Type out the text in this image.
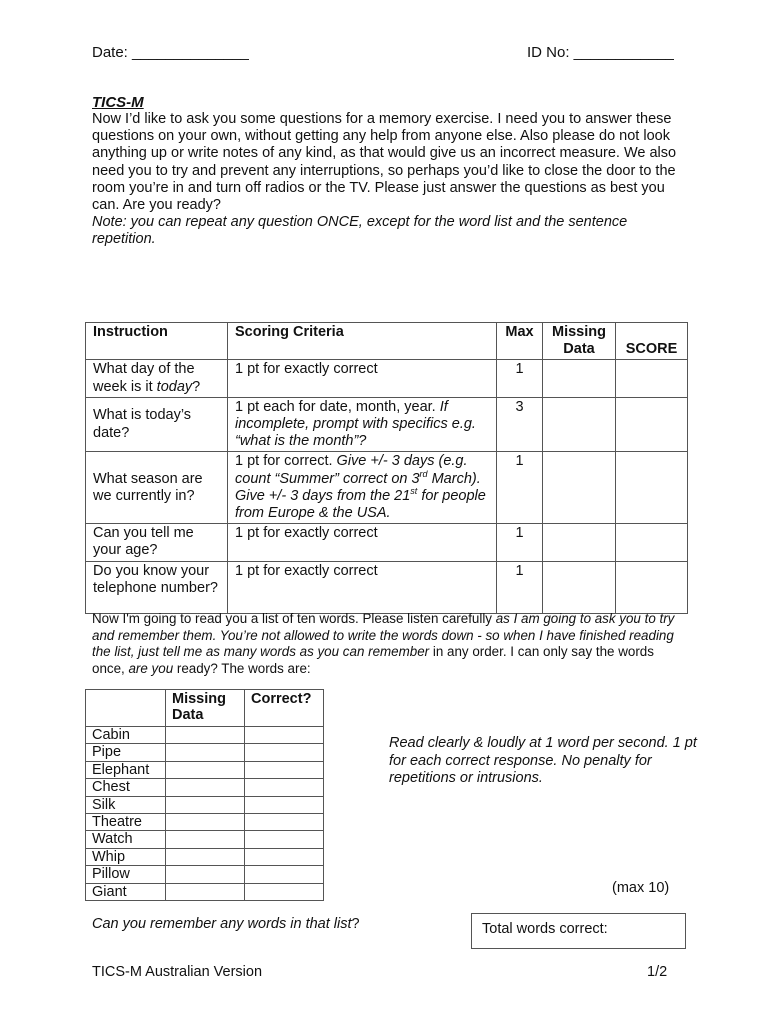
Date: ______________	ID No: ____________
TICS-M

Now I’d like to ask you some questions for a memory exercise. I need you to answer these questions on your own, without getting any help from anyone else. Also please do not look anything up or write notes of any kind, as that would give us an incorrect measure. We also need you to try and prevent any interruptions, so perhaps you’d like to close the door to the room you’re in and turn off radios or the TV. Please just answer the questions as best you can. Are you ready?

Note: you can repeat any question ONCE, except for the word list and the sentence repetition.

Instruction	Scoring Criteria	Max	Missing Data	SCORE
What day of the week is it today?	1 pt for exactly correct	1		
What is today’s date?	1 pt each for date, month, year. If incomplete, prompt with specifics e.g. “what is the month”?	3		
What season are we currently in?	1 pt for correct. Give +/- 3 days (e.g. count “Summer” correct on 3rd March). Give +/- 3 days from the 21st for people from Europe & the USA.	1		
Can you tell me your age?	1 pt for exactly correct	1		
Do you know your telephone number?	1 pt for exactly correct	1		
Now I'm going to read you a list of ten words. Please listen carefully as I am going to ask you to try and remember them. You’re not allowed to write the words down - so when I have finished reading the list, just tell me as many words as you can remember in any order. I can only say the words once, are you ready? The words are:
	Missing Data	Correct?
Cabin		
Pipe		
Elephant		
Chest		
Silk		
Theatre		
Watch		
Whip		
Pillow		
Giant		
Read clearly & loudly at 1 word per second. 1 pt for each correct response. No penalty for repetitions or intrusions.
(max 10)
Can you remember any words in that list?	Total words correct:
TICS-M Australian Version	1/2
